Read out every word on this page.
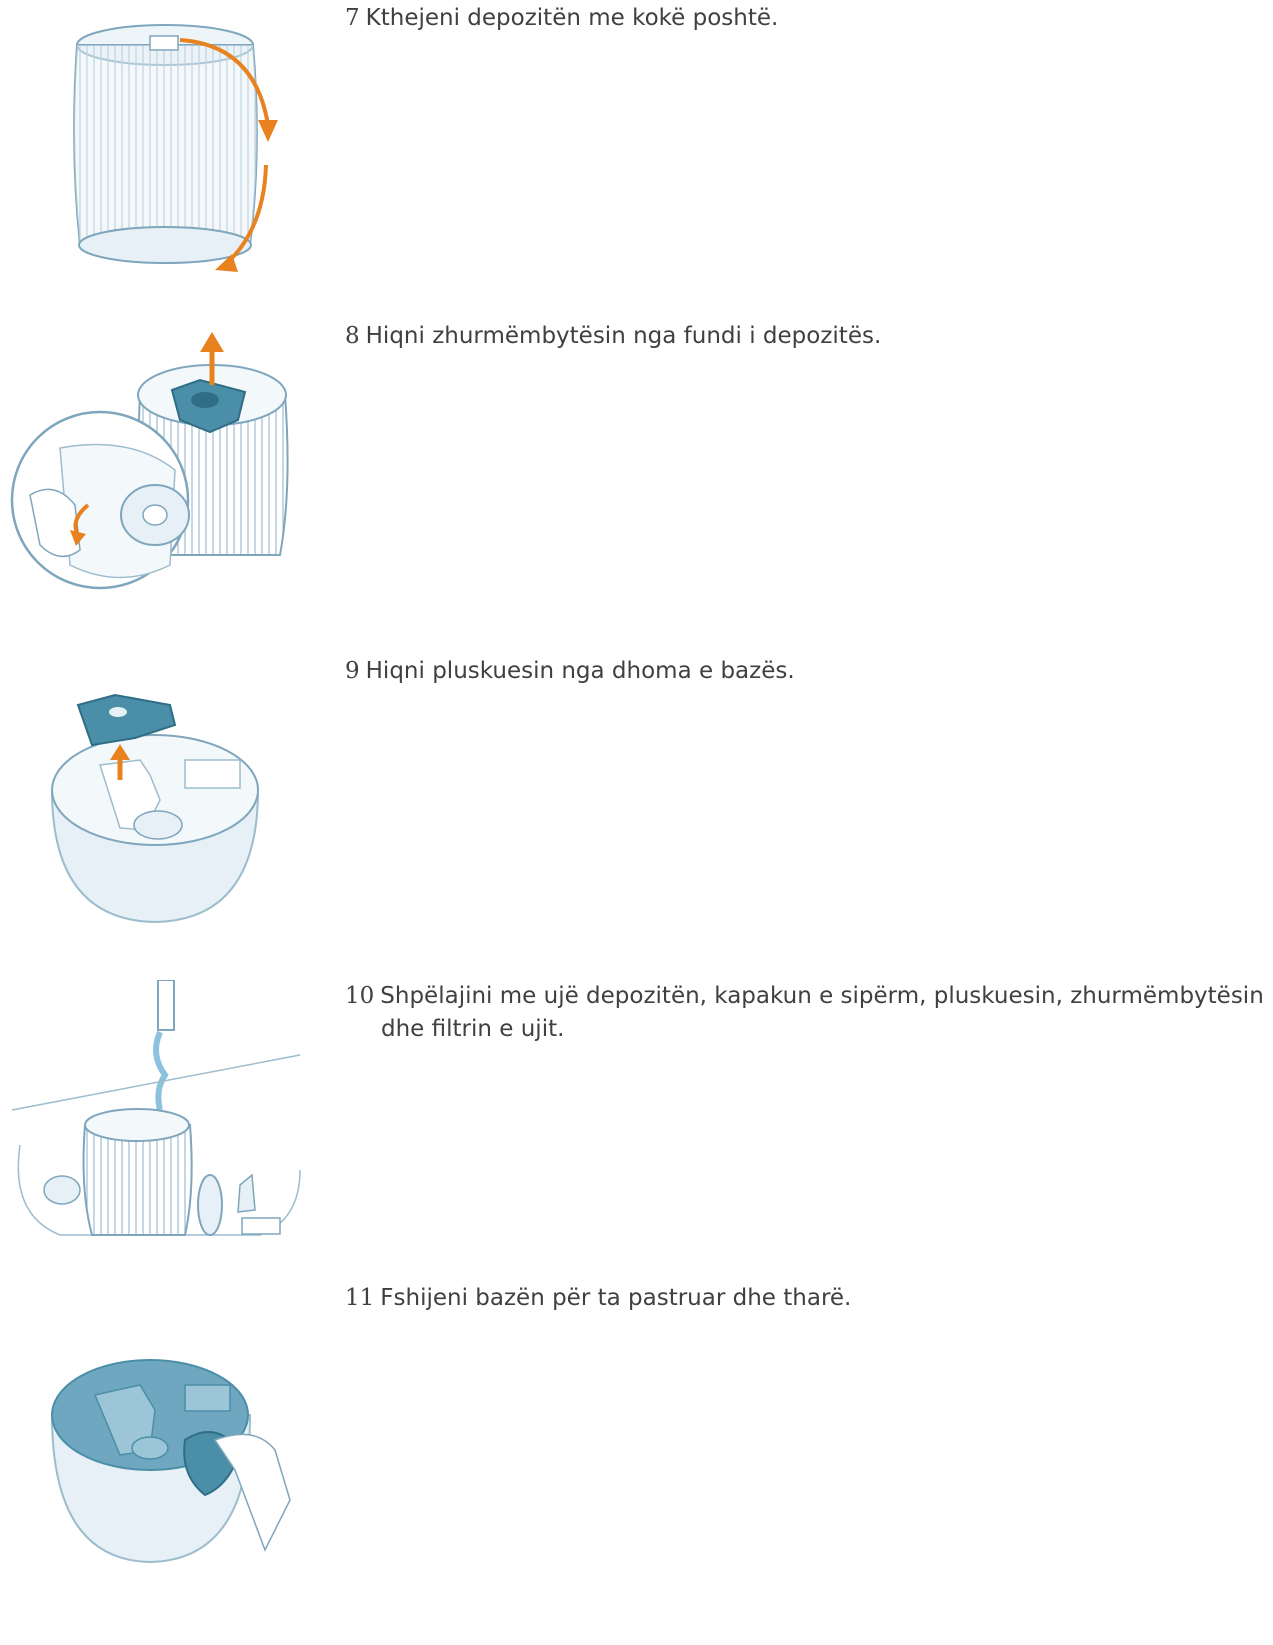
7 Kthejeni depozitën me kokë poshtë.
8 Hiqni zhurmëmbytësin nga fundi i depozitës.
9 Hiqni pluskuesin nga dhoma e bazës.
10 Shpëlajini me ujë depozitën, kapakun e sipërm, pluskuesin, zhurmëmbytësin
dhe filtrin e ujit.
11 Fshijeni bazën për ta pastruar dhe tharë.
